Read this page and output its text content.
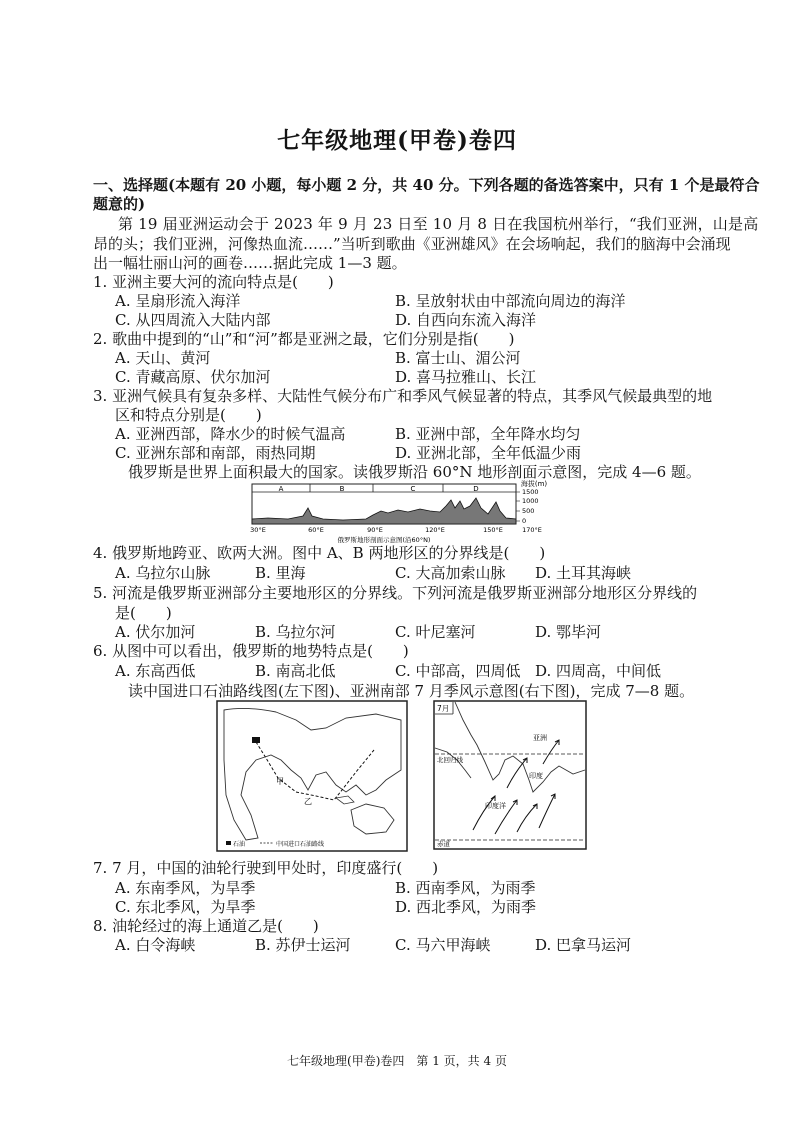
七年级地理(甲卷)卷四
一、选择题(本题有 20 小题，每小题 2 分，共 40 分。下列各题的备选答案中，只有 1 个是最符合
题意的)
第 19 届亚洲运动会于 2023 年 9 月 23 日至 10 月 8 日在我国杭州举行，“我们亚洲，山是高
昂的头；我们亚洲，河像热血流……”当听到歌曲《亚洲雄风》在会场响起，我们的脑海中会涌现
出一幅壮丽山河的画卷……据此完成 1—3 题。
1. 亚洲主要大河的流向特点是(　　)
A. 呈扇形流入海洋	B. 呈放射状由中部流向周边的海洋
C. 从四周流入大陆内部	D. 自西向东流入海洋
2. 歌曲中提到的“山”和“河”都是亚洲之最，它们分别是指(　　)
A. 天山、黄河	B. 富士山、湄公河
C. 青藏高原、伏尔加河	D. 喜马拉雅山、长江
3. 亚洲气候具有复杂多样、大陆性气候分布广和季风气候显著的特点，其季风气候最典型的地
区和特点分别是(　　)
A. 亚洲西部，降水少的时候气温高	B. 亚洲中部，全年降水均匀
C. 亚洲东部和南部，雨热同期	D. 亚洲北部，全年低温少雨
俄罗斯是世界上面积最大的国家。读俄罗斯沿 60°N 地形剖面示意图，完成 4—6 题。
A	B	C	D
海拔(m)
1500
1000
500
0
30°E	60°E	90°E	120°E	150°E	170°E
俄罗斯地形剖面示意图(沿60°N)
4. 俄罗斯地跨亚、欧两大洲。图中 A、B 两地形区的分界线是(　　)
A. 乌拉尔山脉	B. 里海	C. 大高加索山脉 D. 土耳其海峡
5. 河流是俄罗斯亚洲部分主要地形区的分界线。下列河流是俄罗斯亚洲部分地形区分界线的
是(　　)
A. 伏尔加河	B. 乌拉尔河	C. 叶尼塞河	D. 鄂毕河
6. 从图中可以看出，俄罗斯的地势特点是(　　)
A. 东高西低	B. 南高北低	C. 中部高，四周低 D. 四周高，中间低
读中国进口石油路线图(左下图)、亚洲南部 7 月季风示意图(右下图)，完成 7—8 题。
甲
乙
石油	中国进口石油路线
7月
北回归线
亚洲
印度
印度洋
赤道
7. 7 月，中国的油轮行驶到甲处时，印度盛行(　　)
A. 东南季风，为旱季	B. 西南季风，为雨季
C. 东北季风，为旱季	D. 西北季风，为雨季
8. 油轮经过的海上通道乙是(　　)
A. 白令海峡	B. 苏伊士运河	C. 马六甲海峡	D. 巴拿马运河
七年级地理(甲卷)卷四　第 1 页，共 4 页
